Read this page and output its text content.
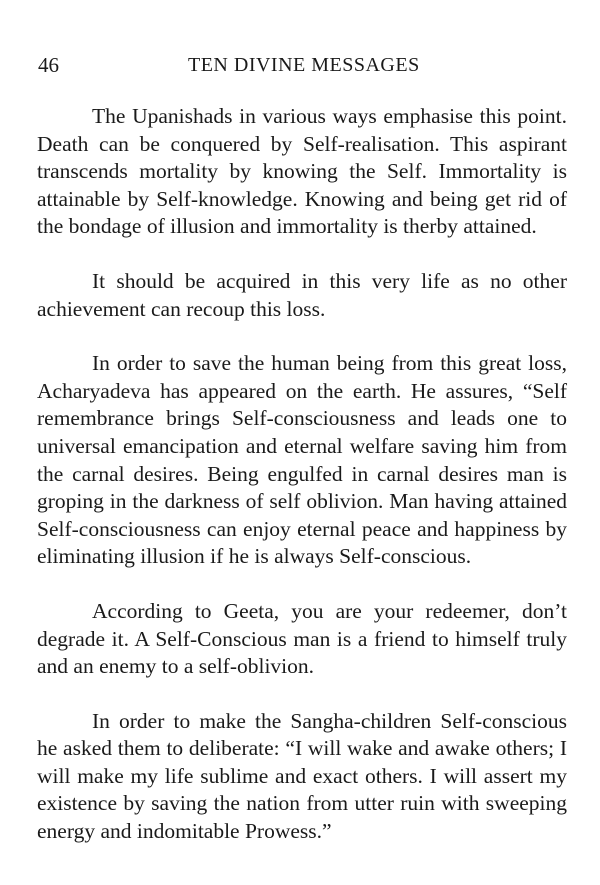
46	TEN DIVINE MESSAGES

The Upanishads in various ways emphasise this point. Death can be conquered by Self-realisation. This aspirant transcends mortality by knowing the Self. Immortality is attainable by Self-knowledge. Knowing and being get rid of the bondage of illusion and immortality is therby attained.

It should be acquired in this very life as no other achievement can recoup this loss.

In order to save the human being from this great loss, Acharyadeva has appeared on the earth. He assures, “Self remembrance brings Self-consciousness and leads one to universal emancipation and eternal welfare saving him from the carnal desires. Being engulfed in carnal desires man is groping in the darkness of self oblivion. Man having attained Self-consciousness can enjoy eternal peace and happiness by eliminating illusion if he is always Self-conscious.

According to Geeta, you are your redeemer, don’t degrade it. A Self-Conscious man is a friend to himself truly and an enemy to a self-oblivion.

In order to make the Sangha-children Self-conscious he asked them to deliberate: “I will wake and awake others; I will make my life sublime and exact others. I will assert my existence by saving the nation from utter ruin with sweeping energy and indomitable Prowess.”
